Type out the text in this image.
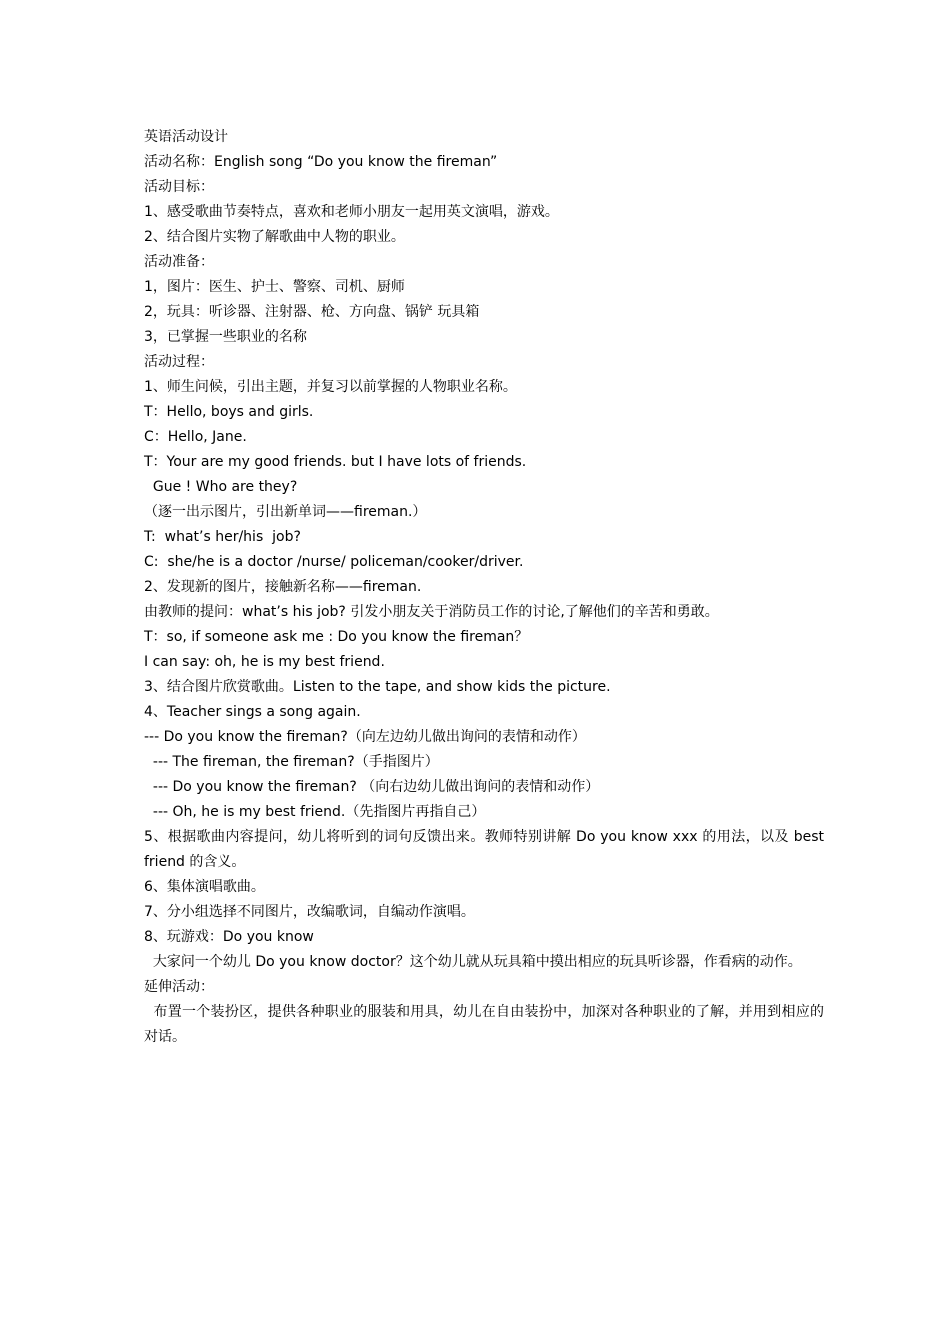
英语活动设计
活动名称：English song “Do you know the fireman”
活动目标：
1、感受歌曲节奏特点，喜欢和老师小朋友一起用英文演唱，游戏。
2、结合图片实物了解歌曲中人物的职业。
活动准备：
1，图片：医生、护士、警察、司机、厨师
2，玩具：听诊器、注射器、枪、方向盘、锅铲 玩具箱
3，已掌握一些职业的名称
活动过程：
1、师生问候，引出主题，并复习以前掌握的人物职业名称。
T：Hello, boys and girls.
C：Hello, Jane.
T：Your are my good friends. but I have lots of friends.
Gue ! Who are they?
（逐一出示图片，引出新单词——fireman.）
T:  what’s her/his  job?
C:  she/he is a doctor /nurse/ policeman/cooker/driver.
2、发现新的图片，接触新名称——fireman.
由教师的提问：what’s his job? 引发小朋友关于消防员工作的讨论,了解他们的辛苦和勇敢。
T：so, if someone ask me : Do you know the fireman？
I can say: oh, he is my best friend.
3、结合图片欣赏歌曲。Listen to the tape, and show kids the picture.
4、Teacher sings a song again.
--- Do you know the fireman?（向左边幼儿做出询问的表情和动作）
--- The fireman, the fireman?（手指图片）
--- Do you know the fireman? （向右边幼儿做出询问的表情和动作）
--- Oh, he is my best friend.（先指图片再指自己）
5、根据歌曲内容提问，幼儿将听到的词句反馈出来。教师特别讲解 Do you know xxx 的用法，以及 best friend 的含义。
6、集体演唱歌曲。
7、分小组选择不同图片，改编歌词，自编动作演唱。
8、玩游戏：Do you know
大家问一个幼儿 Do you know doctor？这个幼儿就从玩具箱中摸出相应的玩具听诊器，作看病的动作。
延伸活动：
布置一个装扮区，提供各种职业的服装和用具，幼儿在自由装扮中，加深对各种职业的了解，并用到相应的对话。
